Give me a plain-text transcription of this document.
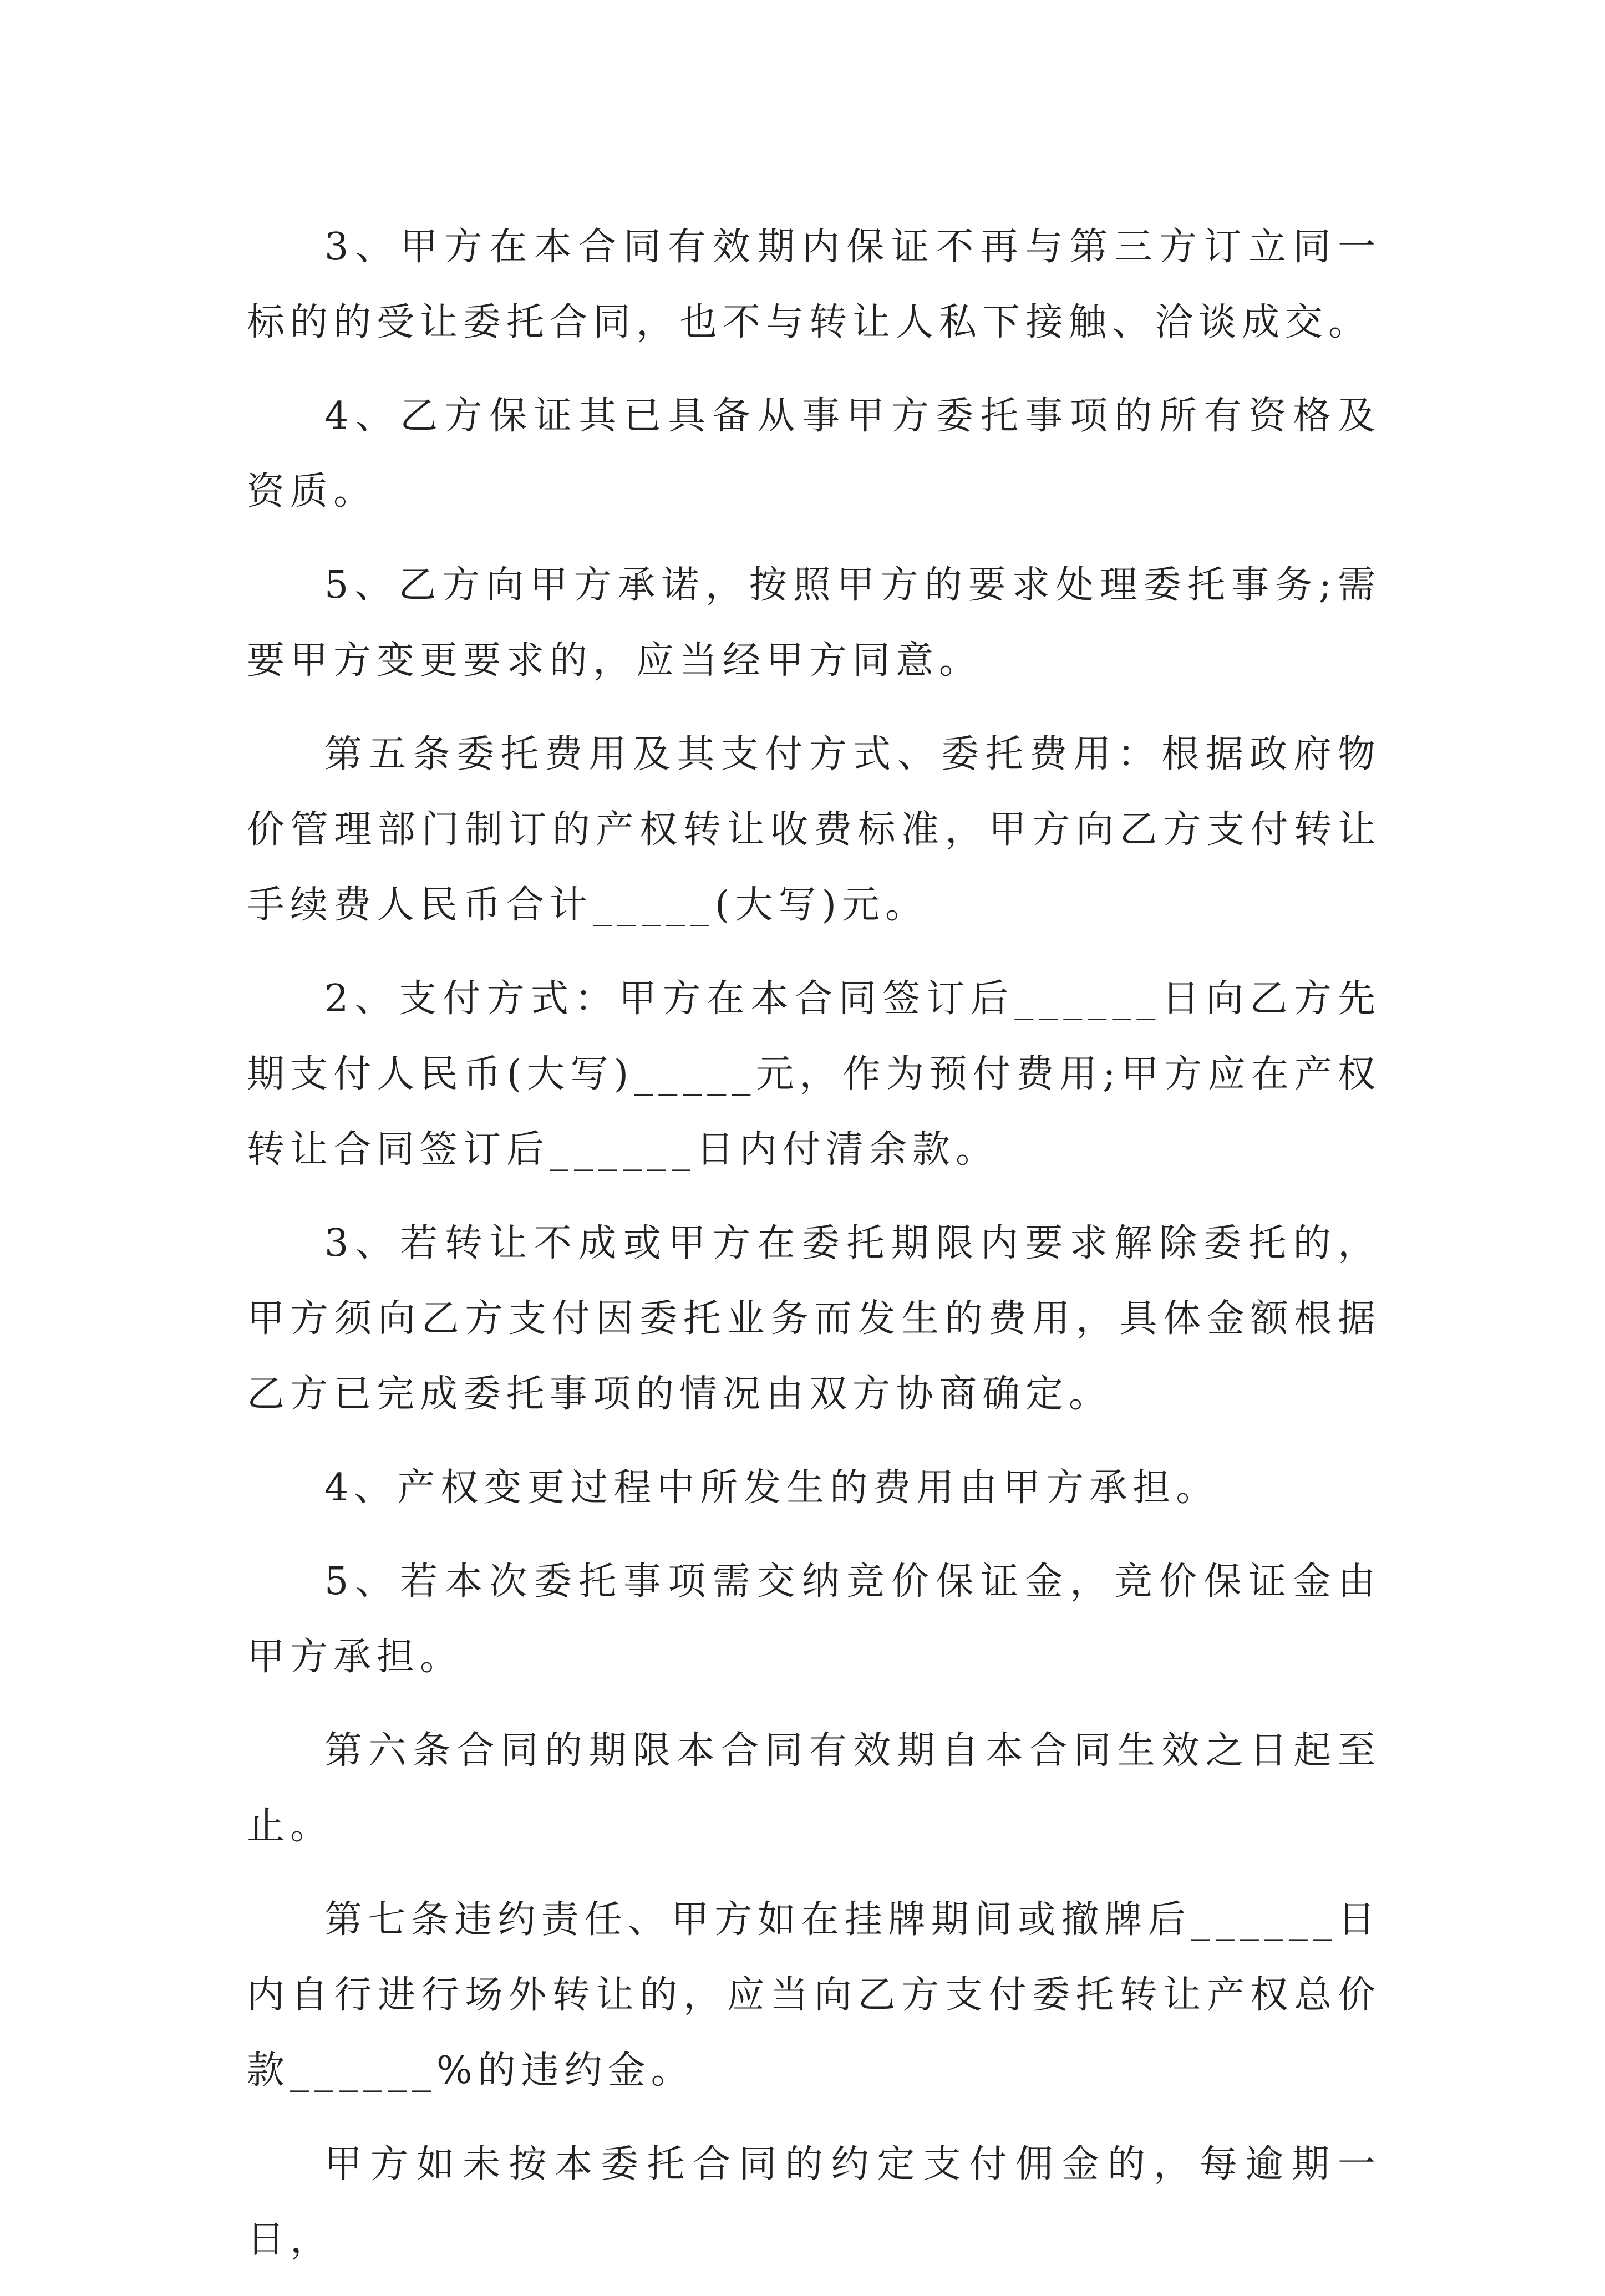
3、甲方在本合同有效期内保证不再与第三方订立同一标的的受让委托合同，也不与转让人私下接触、洽谈成交。

4、乙方保证其已具备从事甲方委托事项的所有资格及资质。

5、乙方向甲方承诺，按照甲方的要求处理委托事务;需要甲方变更要求的，应当经甲方同意。

第五条委托费用及其支付方式、委托费用：根据政府物价管理部门制订的产权转让收费标准，甲方向乙方支付转让手续费人民币合计_____(大写)元。

2、支付方式：甲方在本合同签订后______日向乙方先期支付人民币(大写)_____元，作为预付费用;甲方应在产权转让合同签订后______日内付清余款。

3、若转让不成或甲方在委托期限内要求解除委托的，甲方须向乙方支付因委托业务而发生的费用，具体金额根据乙方已完成委托事项的情况由双方协商确定。

4、产权变更过程中所发生的费用由甲方承担。

5、若本次委托事项需交纳竞价保证金，竞价保证金由甲方承担。

第六条合同的期限本合同有效期自本合同生效之日起至止。

第七条违约责任、甲方如在挂牌期间或撤牌后______日内自行进行场外转让的，应当向乙方支付委托转让产权总价款______%的违约金。

甲方如未按本委托合同的约定支付佣金的，每逾期一日，
